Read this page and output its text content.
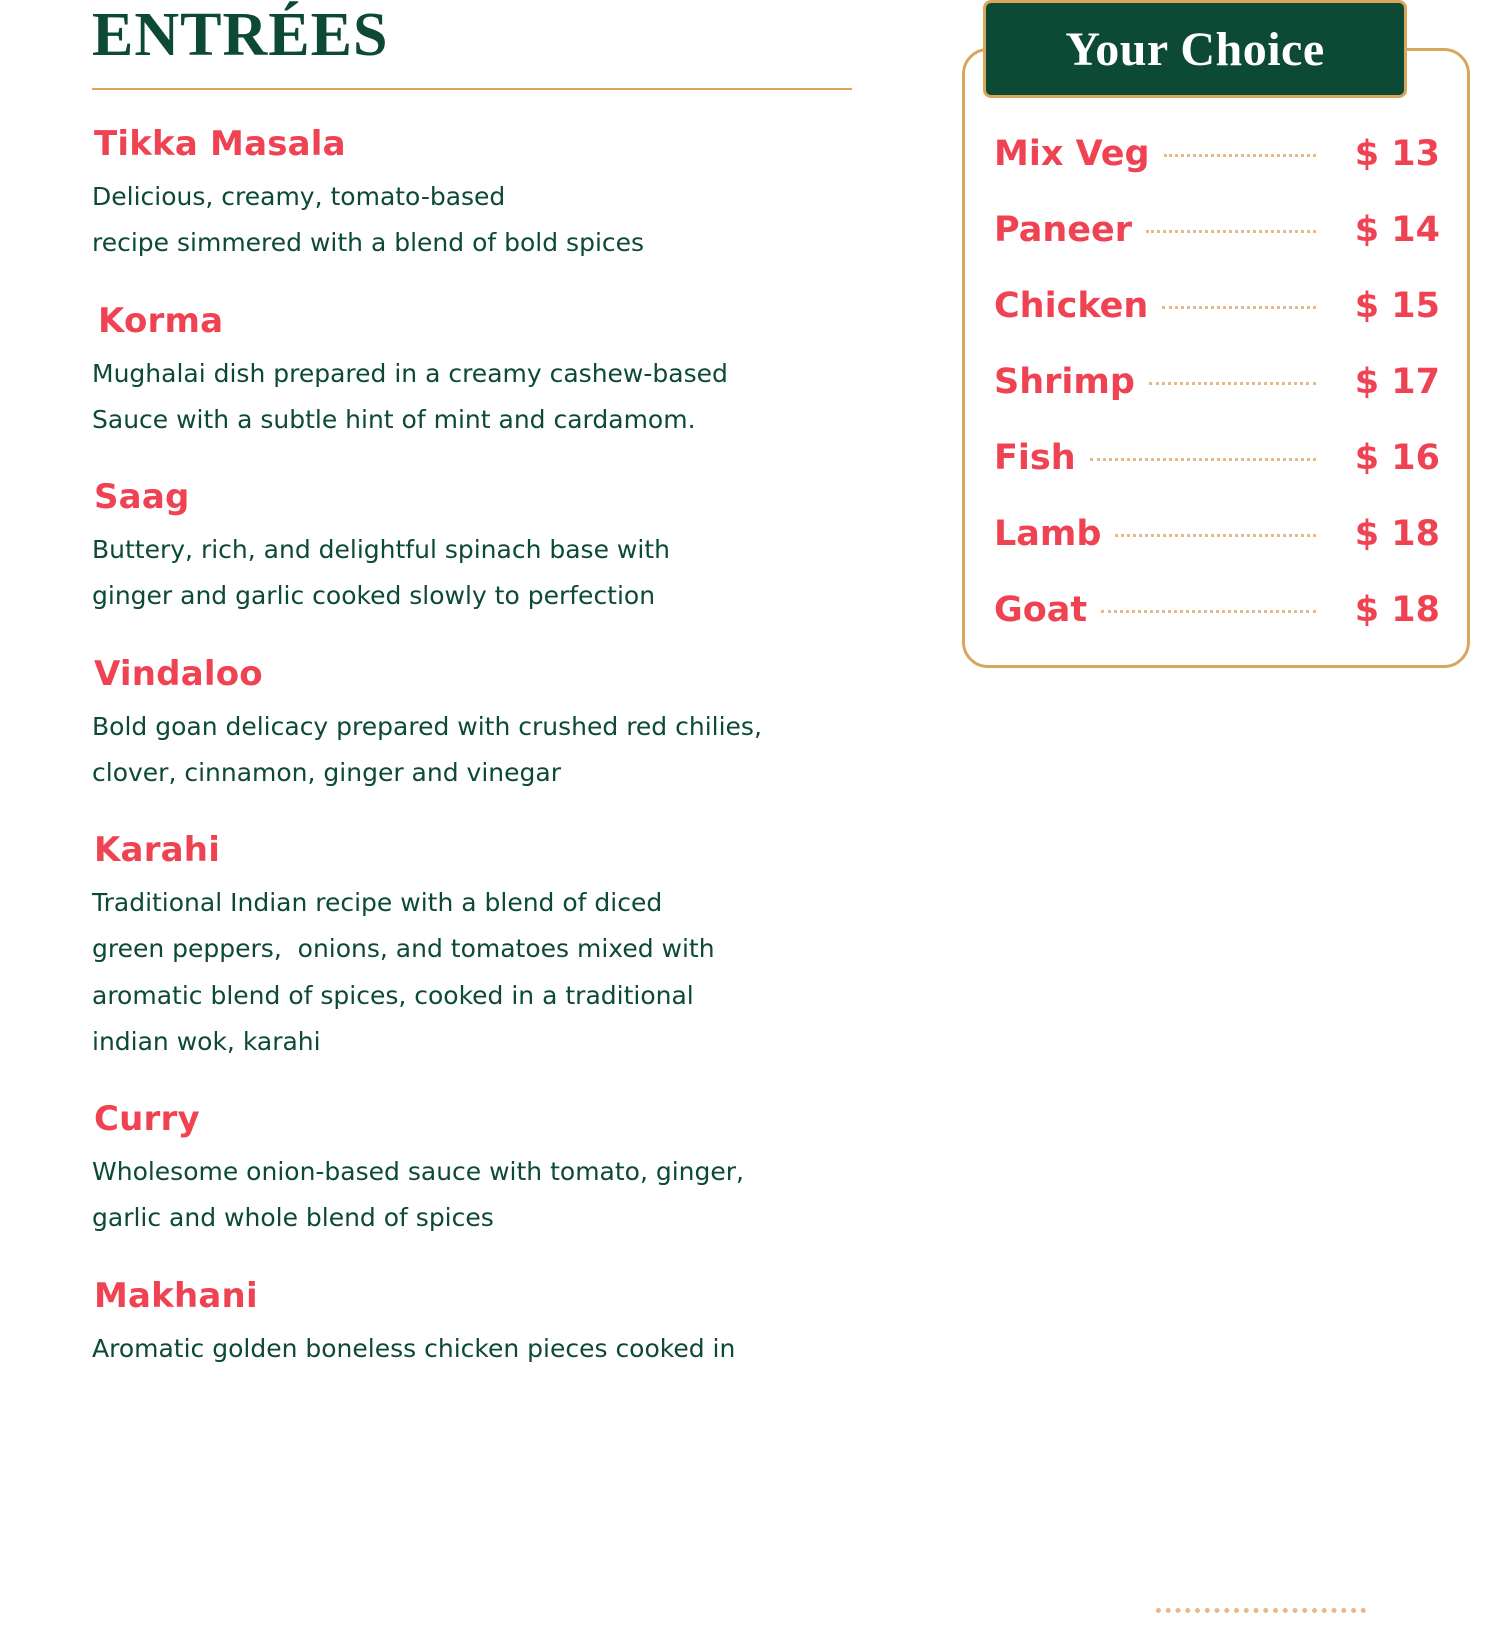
ENTRÉES
Tikka Masala
Delicious, creamy, tomato-based
recipe simmered with a blend of bold spices
Korma
Mughalai dish prepared in a creamy cashew-based
Sauce with a subtle hint of mint and cardamom.
Saag
Buttery, rich, and delightful spinach base with
ginger and garlic cooked slowly to perfection
Vindaloo
Bold goan delicacy prepared with crushed red chilies,
clover, cinnamon, ginger and vinegar
Karahi
Traditional Indian recipe with a blend of diced
green peppers,  onions, and tomatoes mixed with
aromatic blend of spices, cooked in a traditional
indian wok, karahi
Curry
Wholesome onion-based sauce with tomato, ginger,
garlic and whole blend of spices
Makhani
Aromatic golden boneless chicken pieces cooked in
Your Choice
Mix Veg	$ 13
Paneer	$ 14
Chicken	$ 15
Shrimp	$ 17
Fish	$ 16
Lamb	$ 18
Goat	$ 18
